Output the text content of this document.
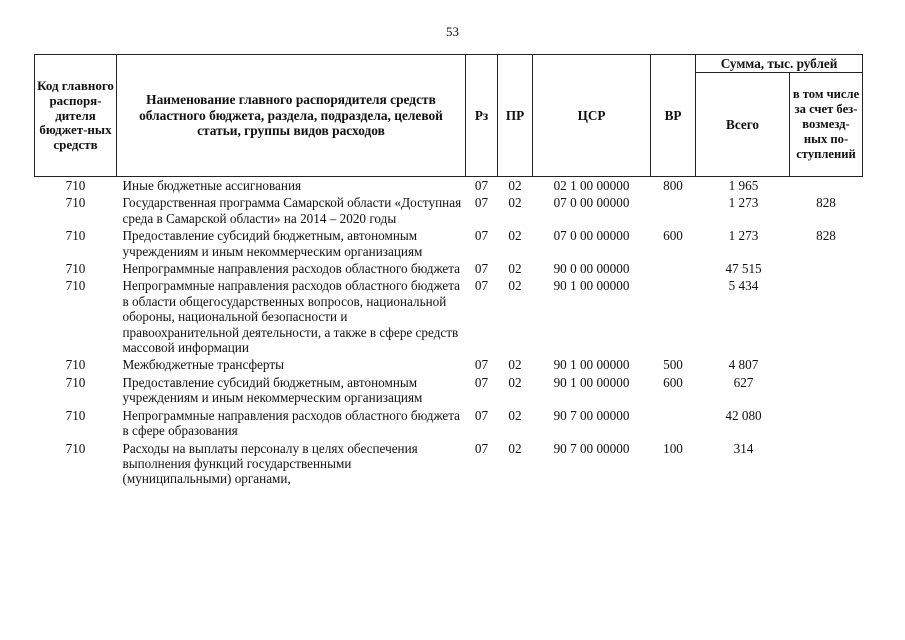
53
Код главного распоря-дителя бюджет-ных средств	Наименование главного распорядителя средств областного бюджета, раздела, подраздела, целевой статьи, группы видов расходов	Рз	ПР	ЦСР	ВР	Сумма, тыс. рублей	
						Всего	в том числе за счет без-возмезд-ных по-ступлений
710	Иные бюджетные ассигнования	07	02	02 1 00 00000	800	1 965	
710	Государственная программа Самарской области «Доступная среда в Самарской области» на 2014 – 2020 годы	07	02	07 0 00 00000		1 273	828
710	Предоставление субсидий бюджетным, автономным учреждениям и иным некоммерческим организациям	07	02	07 0 00 00000	600	1 273	828
710	Непрограммные направления расходов областного бюджета	07	02	90 0 00 00000		47 515	
710	Непрограммные направления расходов областного бюджета в области общегосударственных вопросов, национальной обороны, национальной безопасности и правоохранительной деятельности, а также в сфере средств массовой информации	07	02	90 1 00 00000		5 434	
710	Межбюджетные трансферты	07	02	90 1 00 00000	500	4 807	
710	Предоставление субсидий бюджетным, автономным учреждениям и иным некоммерческим организациям	07	02	90 1 00 00000	600	627	
710	Непрограммные направления расходов областного бюджета в сфере образования	07	02	90 7 00 00000		42 080	
710	Расходы на выплаты персоналу в целях обеспечения выполнения функций государственными (муниципальными) органами,	07	02	90 7 00 00000	100	314	
